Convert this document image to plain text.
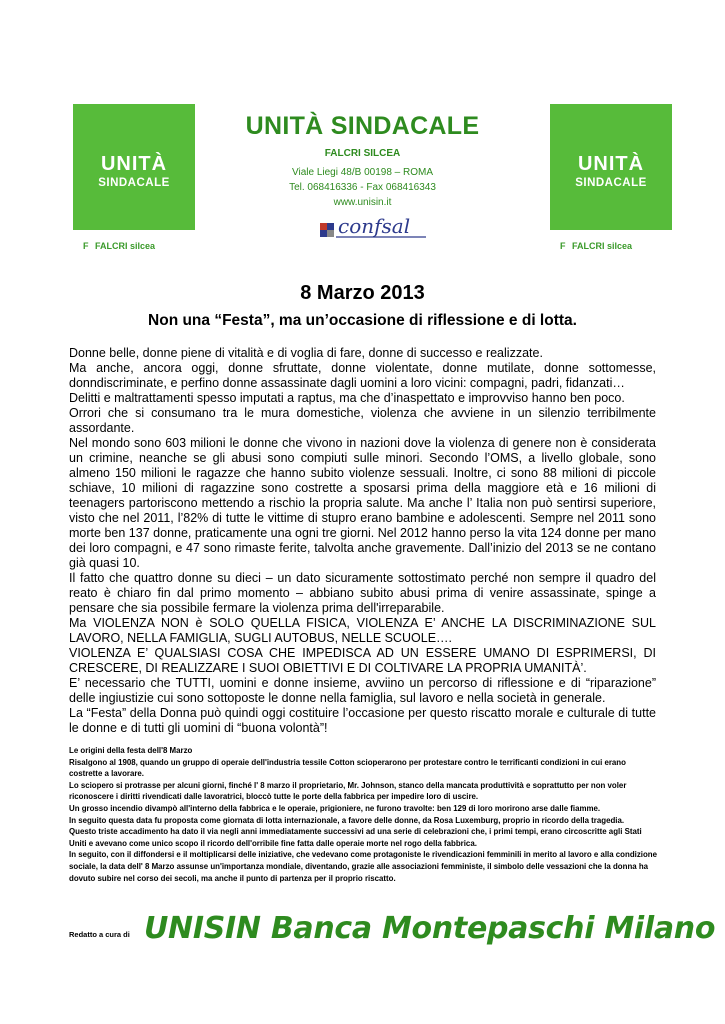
UNITÀ
SINDACALE
F FALCRI silcea
UNITÀ
SINDACALE
F FALCRI silcea
UNITÀ SINDACALE
FALCRI SILCEA
Viale Liegi 48/B 00198 – ROMA
Tel. 068416336 - Fax 068416343
www.unisin.it
confsal
8 Marzo 2013
Non una “Festa”, ma un’occasione di riflessione e di lotta.

Donne belle, donne piene di vitalità e di voglia di fare, donne di successo e realizzate.

Ma anche, ancora oggi, donne sfruttate, donne violentate, donne mutilate, donne sottomesse, donndiscriminate, e perfino donne assassinate dagli uomini a loro vicini: compagni, padri, fidanzati…

Delitti e maltrattamenti spesso imputati a raptus, ma che d’inaspettato e improvviso hanno ben poco.

Orrori che si consumano tra le mura domestiche, violenza che avviene in un silenzio terribilmente assordante.

Nel mondo sono 603 milioni le donne che vivono in nazioni dove la violenza di genere non è considerata un crimine, neanche se gli abusi sono compiuti sulle minori. Secondo l’OMS, a livello globale, sono almeno 150 milioni le ragazze che hanno subito violenze sessuali. Inoltre, ci sono 88 milioni di piccole schiave, 10 milioni di ragazzine sono costrette a sposarsi prima della maggiore età e 16 milioni di teenagers partoriscono mettendo a rischio la propria salute. Ma anche l’ Italia non può sentirsi superiore, visto che nel 2011, l’82% di tutte le vittime di stupro erano bambine e adolescenti. Sempre nel 2011 sono morte ben 137 donne, praticamente una ogni tre giorni. Nel 2012 hanno perso la vita 124 donne per mano dei loro compagni, e 47 sono rimaste ferite, talvolta anche gravemente. Dall’inizio del 2013 se ne contano già quasi 10.

Il fatto che quattro donne su dieci – un dato sicuramente sottostimato perché non sempre il quadro del reato è chiaro fin dal primo momento – abbiano subito abusi prima di venire assassinate, spinge a pensare che sia possibile fermare la violenza prima dell'irreparabile.

Ma VIOLENZA NON è SOLO QUELLA FISICA, VIOLENZA E’ ANCHE LA DISCRIMINAZIONE SUL LAVORO, NELLA FAMIGLIA, SUGLI AUTOBUS, NELLE SCUOLE….

VIOLENZA E’ QUALSIASI COSA CHE IMPEDISCA AD UN ESSERE UMANO DI ESPRIMERSI, DI CRESCERE, DI REALIZZARE I SUOI OBIETTIVI E DI COLTIVARE LA PROPRIA UMANITÀ’.

E’ necessario che TUTTI, uomini e donne insieme, avviino un percorso di riflessione e di “riparazione” delle ingiustizie cui sono sottoposte le donne nella famiglia, sul lavoro e nella società in generale.

La “Festa” della Donna può quindi oggi costituire l’occasione per questo riscatto morale e culturale di tutte le donne e di tutti gli uomini di “buona volontà”!

Le origini della festa dell'8 Marzo

Risalgono al 1908, quando un gruppo di operaie dell'industria tessile Cotton scioperarono per protestare contro le terrificanti condizioni in cui erano costrette a lavorare.

Lo sciopero si protrasse per alcuni giorni, finché l' 8 marzo il proprietario, Mr. Johnson, stanco della mancata produttività e soprattutto per non voler riconoscere i diritti rivendicati dalle lavoratrici, bloccò tutte le porte della fabbrica per impedire loro di uscire.

Un grosso incendio divampò all'interno della fabbrica e le operaie, prigioniere, ne furono travolte: ben 129 di loro morirono arse dalle fiamme.

In seguito questa data fu proposta come giornata di lotta internazionale, a favore delle donne, da Rosa Luxemburg, proprio in ricordo della tragedia.

Questo triste accadimento ha dato il via negli anni immediatamente successivi ad una serie di celebrazioni che, i primi tempi, erano circoscritte agli Stati Uniti e avevano come unico scopo il ricordo dell'orribile fine fatta dalle operaie morte nel rogo della fabbrica.

In seguito, con il diffondersi e il moltiplicarsi delle iniziative, che vedevano come protagoniste le rivendicazioni femminili in merito al lavoro e alla condizione sociale, la data dell' 8 Marzo assunse un'importanza mondiale, diventando, grazie alle associazioni femministe, il simbolo delle vessazioni che la donna ha dovuto subire nel corso dei secoli, ma anche il punto di partenza per il proprio riscatto.

Redatto a cura di UNISIN Banca Montepaschi Milano
